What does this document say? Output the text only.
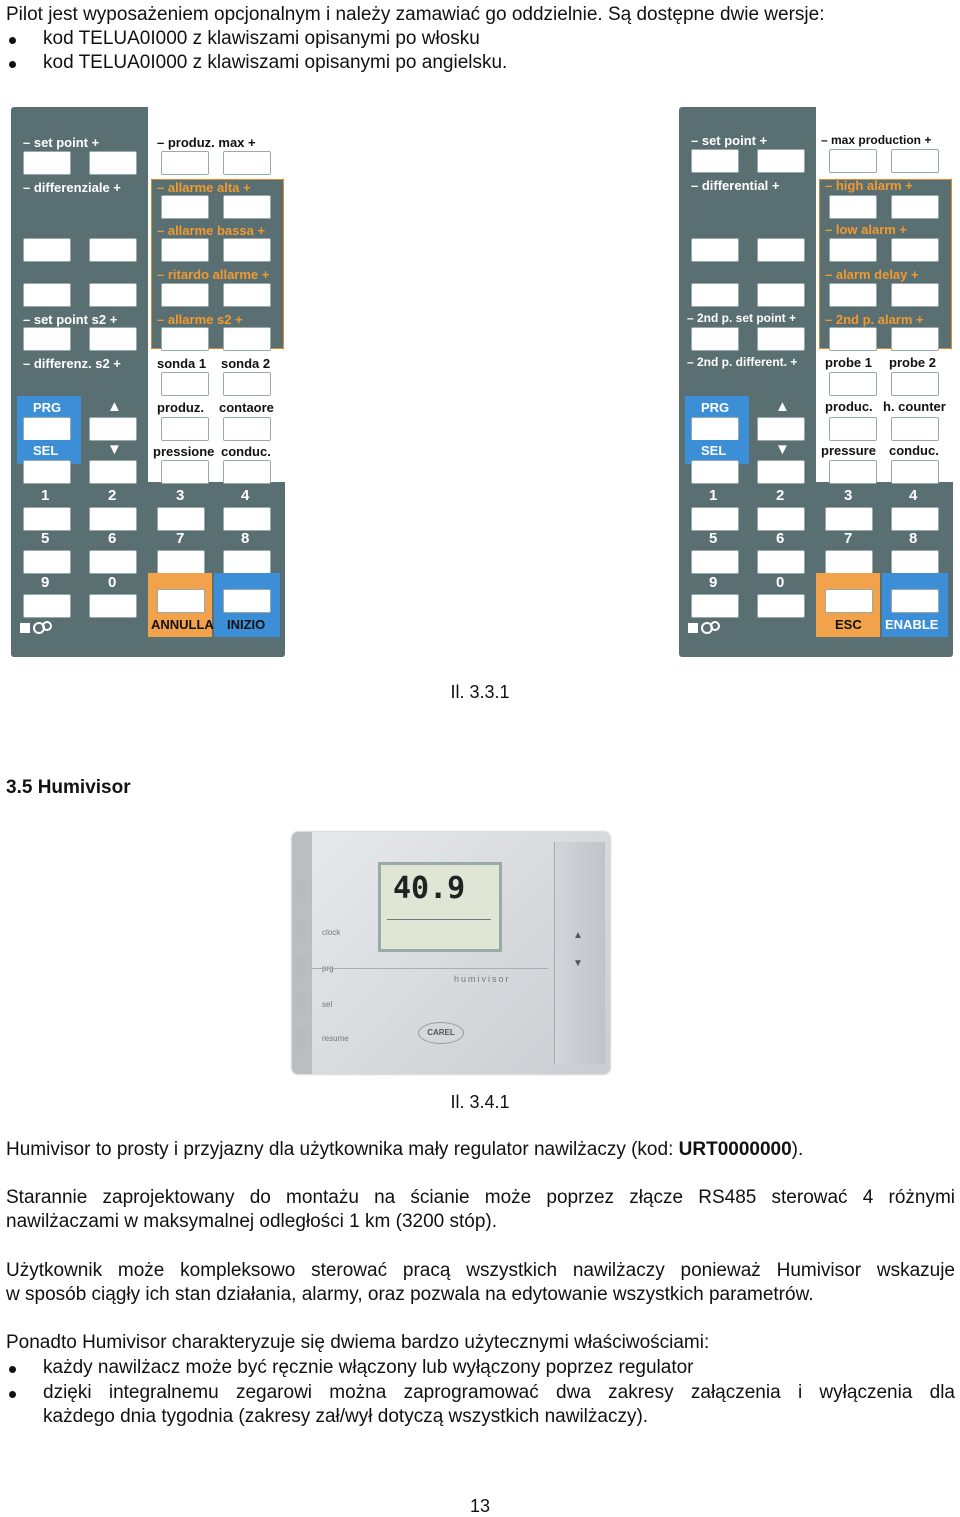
Pilot jest wyposażeniem opcjonalnym i należy zamawiać go oddzielnie. Są dostępne dwie wersje:
kod TELUA0I000 z klawiszami opisanymi po włosku
kod TELUA0I000 z klawiszami opisanymi po angielsku.
– set point +	– produz. max +
– differenziale +	– allarme alta +
– allarme bassa +
– ritardo allarme +
– set point s2 +	– allarme s2 +
– differenz. s2 +	sonda 1 sonda 2
PRG	▲	produz. contaore
SEL	▼ pressione conduc.
1	2	3	4
5	6	7	8
9	0
ANNULLA INIZIO
– set point +	– max production +
– differential +	– high alarm +
– low alarm +
– alarm delay +
– 2nd p. set point + – 2nd p. alarm +
– 2nd p. different. + probe 1 probe 2
PRG	▲	produc. h. counter
SEL	▼ pressure conduc.
1	2	3	4
5	6	7	8
9	0
ESC ENABLE
Il. 3.3.1
3.5 Humivisor
clock
sel
resume
40.9
humivisor
CAREL
▲
▼
Il. 3.4.1
Humivisor to prosty i przyjazny dla użytkownika mały regulator nawilżaczy (kod: URT0000000).
Starannie zaprojektowany do montażu na ścianie może poprzez złącze RS485 sterować 4 różnymi
nawilżaczami w maksymalnej odległości 1 km (3200 stóp).
Użytkownik może kompleksowo sterować pracą wszystkich nawilżaczy ponieważ Humivisor wskazuje
w sposób ciągły ich stan działania, alarmy, oraz pozwala na edytowanie wszystkich parametrów.
Ponadto Humivisor charakteryzuje się dwiema bardzo użytecznymi właściwościami:
każdy nawilżacz może być ręcznie włączony lub wyłączony poprzez regulator
dzięki integralnemu zegarowi można zaprogramować dwa zakresy załączenia i wyłączenia dla
każdego dnia tygodnia (zakresy zał/wył dotyczą wszystkich nawilżaczy).
13
